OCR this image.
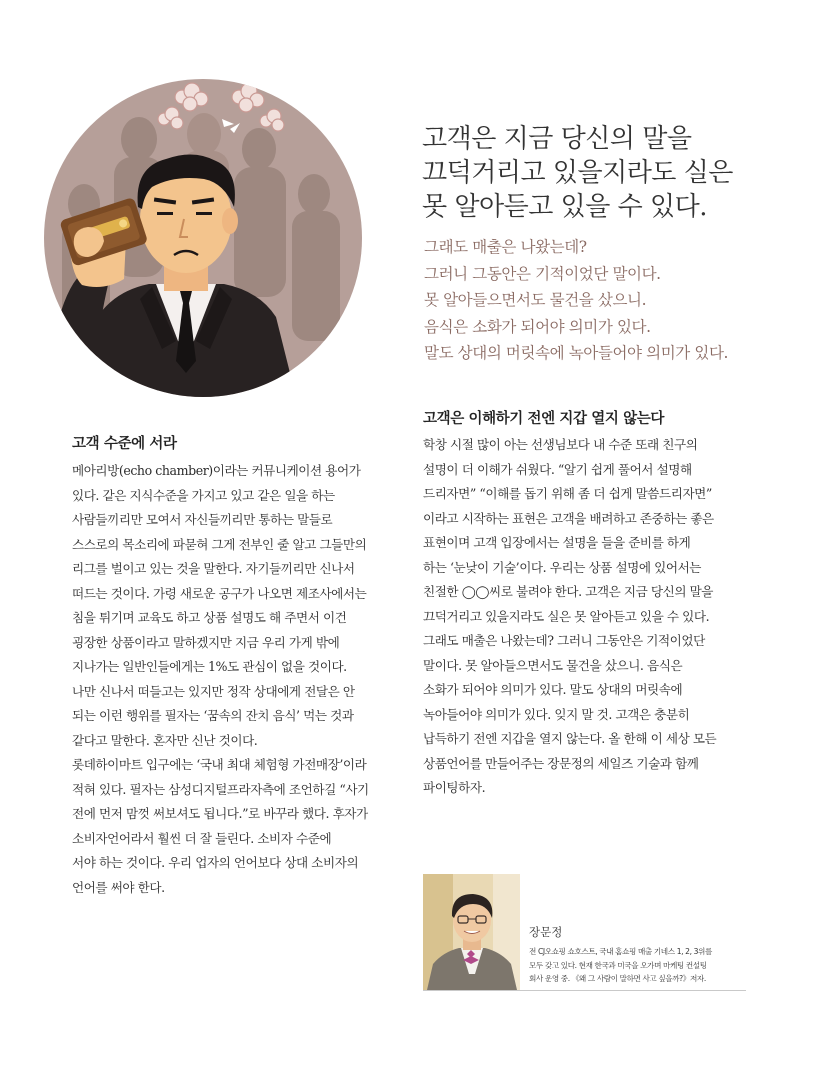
고객은 지금 당신의 말을
끄덕거리고 있을지라도 실은
못 알아듣고 있을 수 있다.
그래도 매출은 나왔는데?
그러니 그동안은 기적이었단 말이다.
못 알아들으면서도 물건을 샀으니.
음식은 소화가 되어야 의미가 있다.
말도 상대의 머릿속에 녹아들어야 의미가 있다.
고객 수준에 서라
메아리방(echo chamber)이라는 커뮤니케이션 용어가
있다. 같은 지식수준을 가지고 있고 같은 일을 하는
사람들끼리만 모여서 자신들끼리만 통하는 말들로
스스로의 목소리에 파묻혀 그게 전부인 줄 알고 그들만의
리그를 벌이고 있는 것을 말한다. 자기들끼리만 신나서
떠드는 것이다. 가령 새로운 공구가 나오면 제조사에서는
침을 튀기며 교육도 하고 상품 설명도 해 주면서 이건
굉장한 상품이라고 말하겠지만 지금 우리 가게 밖에
지나가는 일반인들에게는 1%도 관심이 없을 것이다.
나만 신나서 떠들고는 있지만 정작 상대에게 전달은 안
되는 이런 행위를 필자는 ‘꿈속의 잔치 음식’ 먹는 것과
같다고 말한다. 혼자만 신난 것이다.
롯데하이마트 입구에는 ‘국내 최대 체험형 가전매장’이라
적혀 있다. 필자는 삼성디지털프라자측에 조언하길 “사기
전에 먼저 맘껏 써보셔도 됩니다.”로 바꾸라 했다. 후자가
소비자언어라서 훨씬 더 잘 들린다. 소비자 수준에
서야 하는 것이다. 우리 업자의 언어보다 상대 소비자의
언어를 써야 한다.
고객은 이해하기 전엔 지갑 열지 않는다
학창 시절 많이 아는 선생님보다 내 수준 또래 친구의
설명이 더 이해가 쉬웠다. “알기 쉽게 풀어서 설명해
드리자면” “이해를 돕기 위해 좀 더 쉽게 말씀드리자면”
이라고 시작하는 표현은 고객을 배려하고 존중하는 좋은
표현이며 고객 입장에서는 설명을 들을 준비를 하게
하는 ‘눈낮이 기술’이다. 우리는 상품 설명에 있어서는
친절한 ◯◯씨로 불려야 한다. 고객은 지금 당신의 말을
끄덕거리고 있을지라도 실은 못 알아듣고 있을 수 있다.
그래도 매출은 나왔는데? 그러니 그동안은 기적이었단
말이다. 못 알아들으면서도 물건을 샀으니. 음식은
소화가 되어야 의미가 있다. 말도 상대의 머릿속에
녹아들어야 의미가 있다. 잊지 말 것. 고객은 충분히
납득하기 전엔 지갑을 열지 않는다. 올 한해 이 세상 모든
상품언어를 만들어주는 장문정의 세일즈 기술과 함께
파이팅하자.
장문정
전 CJ오쇼핑 쇼호스트, 국내 홈쇼핑 매출 기네스 1, 2, 3위를
모두 갖고 있다. 현재 한국과 미국을 오가며 마케팅 컨설팅
회사 운영 중. 《왜 그 사람이 말하면 사고 싶을까?》저자.
